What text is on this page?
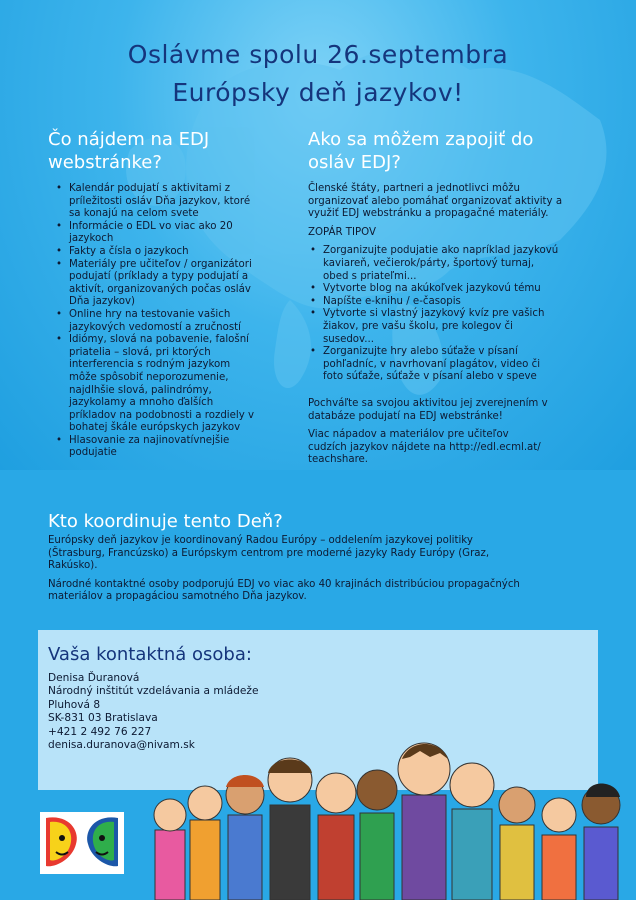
Oslávme spolu 26.septembra
Európsky deň jazykov!
Čo nájdem na EDJ
webstránke?
• Kalendár podujatí s aktivitami z
príležitosti osláv Dňa jazykov, ktoré
sa konajú na celom svete
• Informácie o EDL vo viac ako 20
jazykoch
• Fakty a čísla o jazykoch
• Materiály pre učiteľov / organizátori
podujatí (príklady a typy podujatí a
aktivít, organizovaných počas osláv
Dňa jazykov)
• Online hry na testovanie vašich
jazykových vedomostí a zručností
• Idiómy, slová na pobavenie, falošní
priatelia – slová, pri ktorých
interferencia s rodným jazykom
môže spôsobiť neporozumenie,
najdlhšie slová, palindrómy,
jazykolamy a mnoho ďalších
príkladov na podobnosti a rozdiely v
bohatej škále európskych jazykov
• Hlasovanie za najinovatívnejšie
podujatie
Ako sa môžem zapojiť do
osláv EDJ?

Členské štáty, partneri a jednotlivci môžu
organizovať alebo pomáhať organizovať aktivity a
využiť EDJ webstránku a propagačné materiály.

ZOPÁR TIPOV

• Zorganizujte podujatie ako napríklad jazykovú
kaviareň, večierok/párty, športový turnaj,
obed s priateľmi...
• Vytvorte blog na akúkoľvek jazykovú tému
• Napíšte e-knihu / e-časopis
• Vytvorte si vlastný jazykový kvíz pre vašich
žiakov, pre vašu školu, pre kolegov či
susedov...
• Zorganizujte hry alebo súťaže v písaní
pohľadníc, v navrhovaní plagátov, video či
foto súťaže, súťaže v písaní alebo v speve

Pochváľte sa svojou aktivitou jej zverejnením v
databáze podujatí na EDJ webstránke!

Viac nápadov a materiálov pre učiteľov
cudzích jazykov nájdete na http://edl.ecml.at/
teachshare.

Kto koordinuje tento Deň?

Európsky deň jazykov je koordinovaný Radou Európy – oddelením jazykovej politiky
(Štrasburg, Francúzsko) a Európskym centrom pre moderné jazyky Rady Európy (Graz,
Rakúsko).

Národné kontaktné osoby podporujú EDJ vo viac ako 40 krajinách distribúciou propagačných
materiálov a propagáciou samotného Dňa jazykov.

Vaša kontaktná osoba:
Denisa Ďuranová
Národný inštitút vzdelávania a mládeže
Pluhová 8
SK-831 03 Bratislava
+421 2 492 76 227
denisa.duranova@nivam.sk
